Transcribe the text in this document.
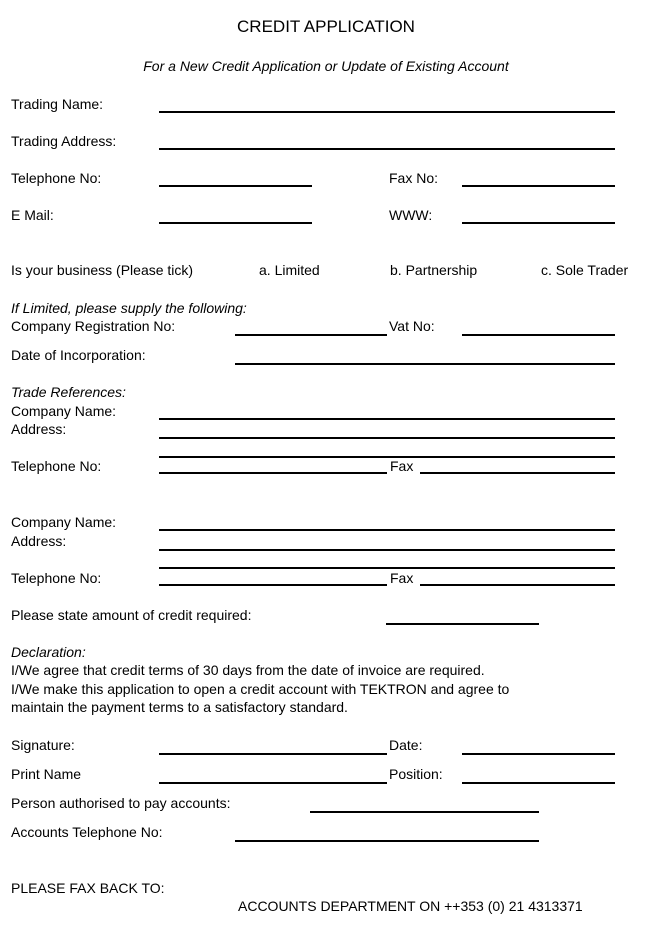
CREDIT APPLICATION
For a New Credit Application or Update of Existing Account
Trading Name:
Trading Address:
Telephone No:	Fax No:
E Mail:	WWW:
Is your business (Please tick)	a. Limited	b. Partnership	c. Sole Trader
If Limited, please supply the following:
Company Registration No:	Vat No:
Date of Incorporation:
Trade References:
Company Name:
Address:
Telephone No:	Fax
Company Name:
Address:
Telephone No:	Fax
Please state amount of credit required:
Declaration:
I/We agree that credit terms of 30 days from the date of invoice are required.
I/We make this application to open a credit account with TEKTRON and agree to
maintain the payment terms to a satisfactory standard.
Signature:	Date:
Print Name	Position:
Person authorised to pay accounts:
Accounts Telephone No:
PLEASE FAX BACK TO:
ACCOUNTS DEPARTMENT ON ++353 (0) 21 4313371
